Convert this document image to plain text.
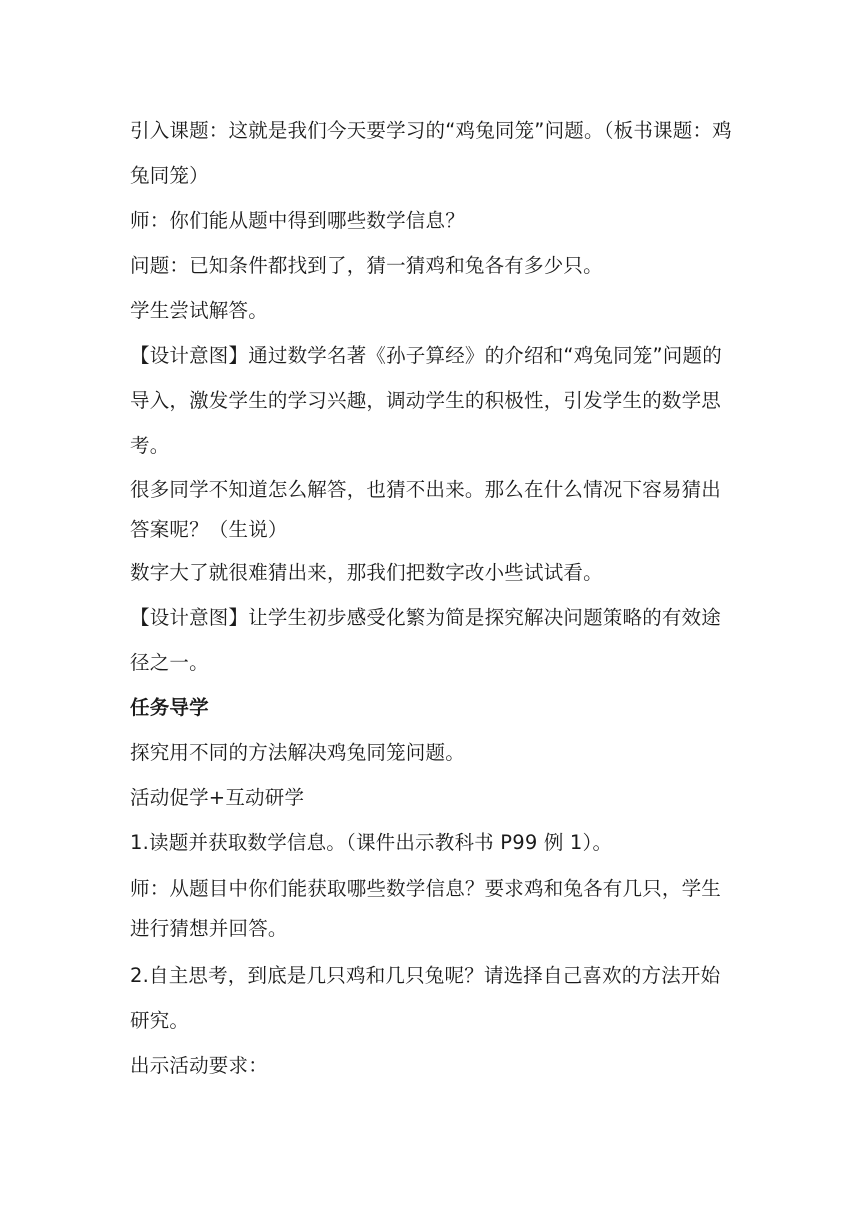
引入课题：这就是我们今天要学习的“鸡兔同笼”问题。（板书课题：鸡兔同笼）

师：你们能从题中得到哪些数学信息？

问题：已知条件都找到了，猜一猜鸡和兔各有多少只。

学生尝试解答。

【设计意图】通过数学名著《孙子算经》的介绍和“鸡兔同笼”问题的导入，激发学生的学习兴趣，调动学生的积极性，引发学生的数学思考。

很多同学不知道怎么解答，也猜不出来。那么在什么情况下容易猜出答案呢？（生说）

数字大了就很难猜出来，那我们把数字改小些试试看。

【设计意图】让学生初步感受化繁为简是探究解决问题策略的有效途径之一。

任务导学

探究用不同的方法解决鸡兔同笼问题。

活动促学+互动研学

1.读题并获取数学信息。（课件出示教科书 P99 例 1）。

师：从题目中你们能获取哪些数学信息？要求鸡和兔各有几只，学生进行猜想并回答。

2.自主思考，到底是几只鸡和几只兔呢？请选择自己喜欢的方法开始研究。

出示活动要求：
